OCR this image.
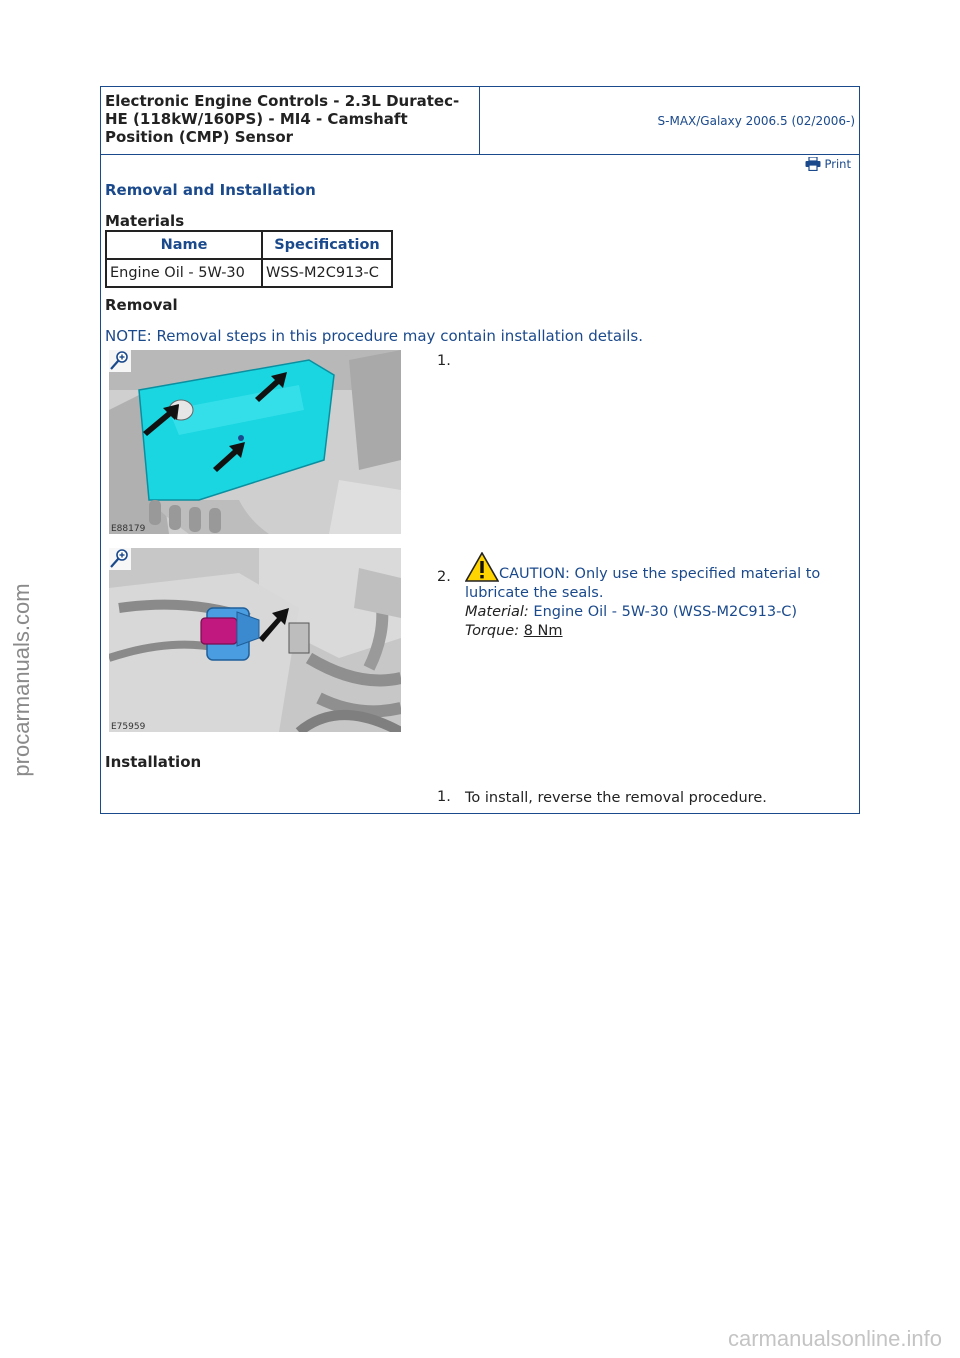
procarmanuals.com
Electronic Engine Controls - 2.3L Duratec-HE (118kW/160PS) - MI4 - Camshaft Position (CMP) Sensor
S-MAX/Galaxy 2006.5 (02/2006-)
Print
Removal and Installation
Materials
Name	Specification
Engine Oil - 5W-30	WSS-M2C913-C
Removal
NOTE: Removal steps in this procedure may contain installation details.
E88179
1.
E75959
2.	CAUTION: Only use the specified material to lubricate the seals.
Material: Engine Oil - 5W-30 (WSS-M2C913-C)
Torque: 8 Nm
Installation
1. To install, reverse the removal procedure.
carmanualsonline.info
